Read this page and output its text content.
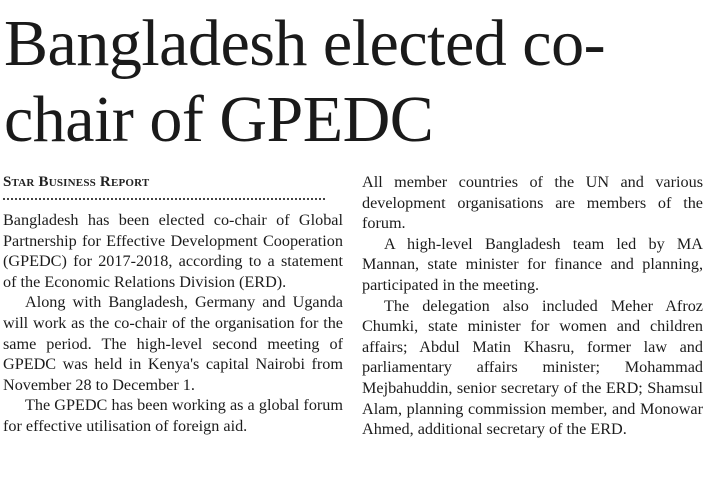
Bangladesh elected co-chair of GPEDC

Star Business Report

Bangladesh has been elected co-chair of Global Partnership for Effective Development Cooperation (GPEDC) for 2017-2018, according to a statement of the Economic Relations Division (ERD).

Along with Bangladesh, Germany and Uganda will work as the co-chair of the organisation for the same period. The high-level second meeting of GPEDC was held in Kenya's capital Nairobi from November 28 to December 1.

The GPEDC has been working as a global forum for effective utilisation of foreign aid.

All member countries of the UN and various development organisations are members of the forum.

A high-level Bangladesh team led by MA Mannan, state minister for finance and planning, participated in the meeting.

The delegation also included Meher Afroz Chumki, state minister for women and children affairs; Abdul Matin Khasru, former law and parliamentary affairs minister; Mohammad Mejbahuddin, senior secretary of the ERD; Shamsul Alam, planning commission member, and Monowar Ahmed, additional secretary of the ERD.
